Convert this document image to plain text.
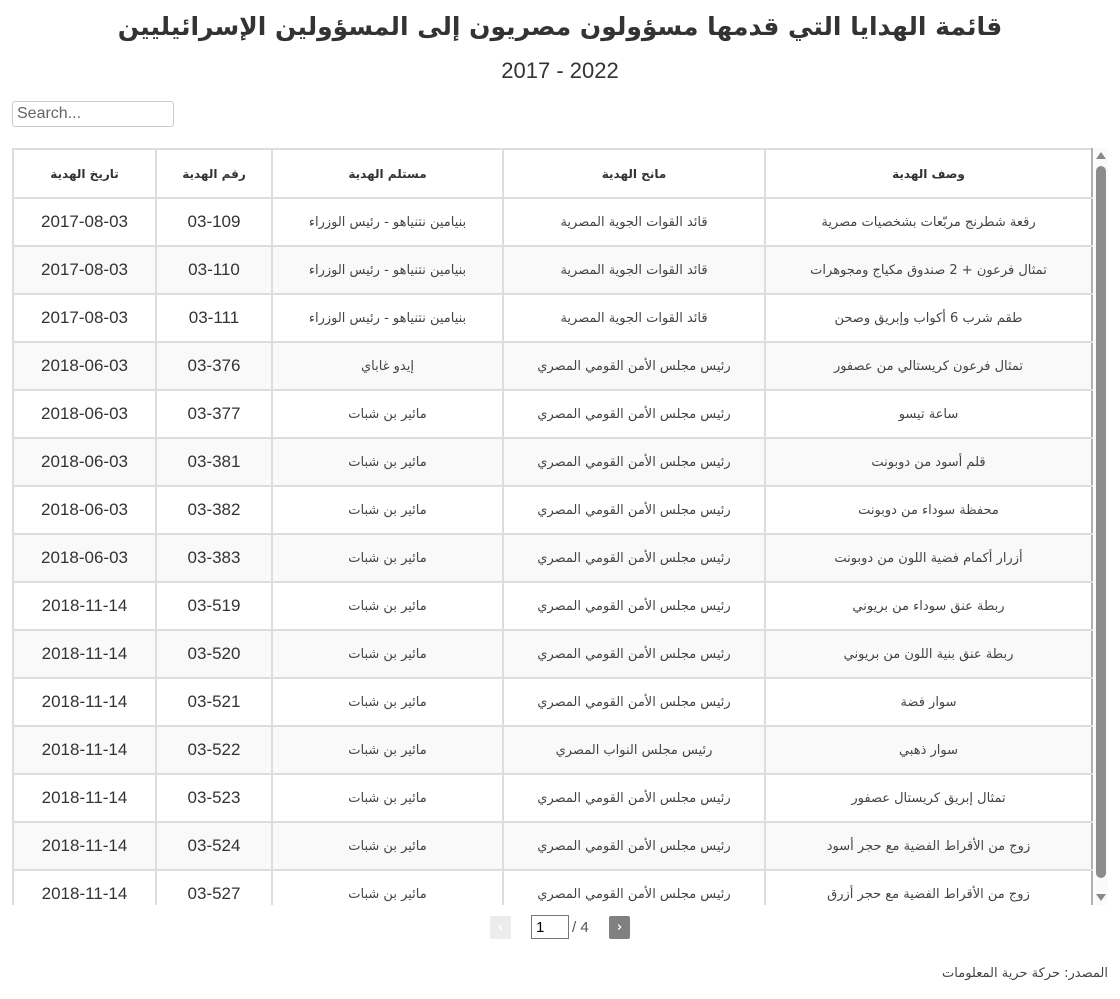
قائمة الهدايا التي قدمها مسؤولون مصريون إلى المسؤولين الإسرائيليين
2017 - 2022
Search...
تاريخ الهدية	رقم الهدية	مستلم الهدية	مانح الهدية	وصف الهدية
2017-08-03	03-109	بنيامين نتنياهو - رئيس الوزراء	قائد القوات الجوية المصرية	رقعة شطرنج مربّعات بشخصيات مصرية
2017-08-03	03-110	بنيامين نتنياهو - رئيس الوزراء	قائد القوات الجوية المصرية	تمثال فرعون + 2 صندوق مكياج ومجوهرات
2017-08-03	03-111	بنيامين نتنياهو - رئيس الوزراء	قائد القوات الجوية المصرية	طقم شرب 6 أكواب وإبريق وصحن
2018-06-03	03-376	إيدو غاباي	رئيس مجلس الأمن القومي المصري	تمثال فرعون كريستالي من عصفور
2018-06-03	03-377	مائير بن شبات	رئيس مجلس الأمن القومي المصري	ساعة تيسو
2018-06-03	03-381	مائير بن شبات	رئيس مجلس الأمن القومي المصري	قلم أسود من دوبونت
2018-06-03	03-382	مائير بن شبات	رئيس مجلس الأمن القومي المصري	محفظة سوداء من دوبونت
2018-06-03	03-383	مائير بن شبات	رئيس مجلس الأمن القومي المصري	أزرار أكمام فضية اللون من دوبونت
2018-11-14	03-519	مائير بن شبات	رئيس مجلس الأمن القومي المصري	ربطة عنق سوداء من بريوني
2018-11-14	03-520	مائير بن شبات	رئيس مجلس الأمن القومي المصري	ربطة عنق بنية اللون من بريوني
2018-11-14	03-521	مائير بن شبات	رئيس مجلس الأمن القومي المصري	سوار فضة
2018-11-14	03-522	مائير بن شبات	رئيس مجلس النواب المصري	سوار ذهبي
2018-11-14	03-523	مائير بن شبات	رئيس مجلس الأمن القومي المصري	تمثال إبريق كريستال عصفور
2018-11-14	03-524	مائير بن شبات	رئيس مجلس الأمن القومي المصري	زوج من الأقراط الفضية مع حجر أسود
2018-11-14	03-527	مائير بن شبات	رئيس مجلس الأمن القومي المصري	زوج من الأقراط الفضية مع حجر أزرق
‹
1	/ 4	›
المصدر: حركة حرية المعلومات
